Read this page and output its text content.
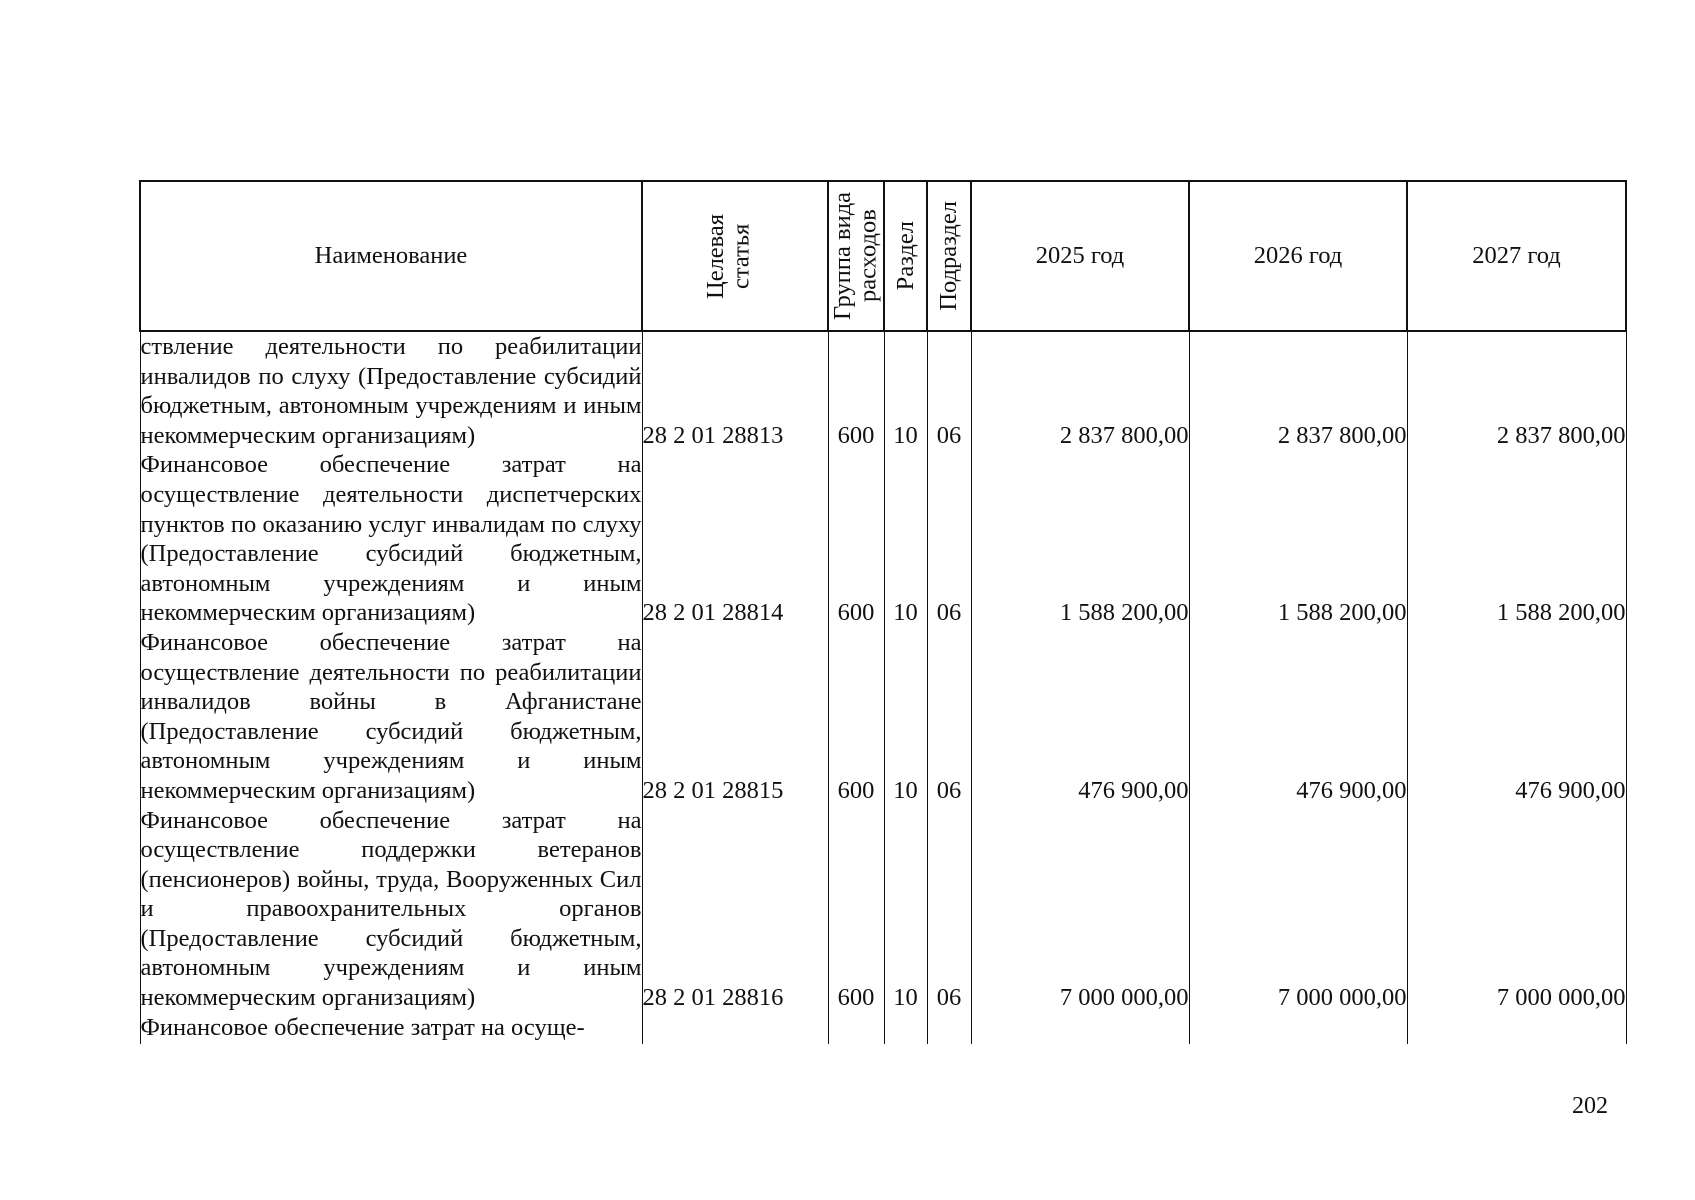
Наименование	Целевая статья	Группа вида расходов	Раздел	Подраздел	2025 год	2026 год	2027 год
ствление деятельности по реабилитации инвалидов по слуху (Предоставление субсидий бюджетным, автономным учреждениям и иным некоммерческим организациям)	28 2 01 28813	600	10	06	2 837 800,00	2 837 800,00	2 837 800,00
Финансовое обеспечение затрат на осуществление деятельности диспетчерских пунктов по оказанию услуг инвалидам по слуху (Предоставление субсидий бюджетным, автономным учреждениям и иным некоммерческим организациям)	28 2 01 28814	600	10	06	1 588 200,00	1 588 200,00	1 588 200,00
Финансовое обеспечение затрат на осуществление деятельности по реабилитации инвалидов войны в Афганистане (Предоставление субсидий бюджетным, автономным учреждениям и иным некоммерческим организациям)	28 2 01 28815	600	10	06	476 900,00	476 900,00	476 900,00
Финансовое обеспечение затрат на осуществление поддержки ветеранов (пенсионеров) войны, труда, Вооруженных Сил и правоохранительных органов (Предоставление субсидий бюджетным, автономным учреждениям и иным некоммерческим организациям)	28 2 01 28816	600	10	06	7 000 000,00	7 000 000,00	7 000 000,00
Финансовое обеспечение затрат на осуще-							
202
